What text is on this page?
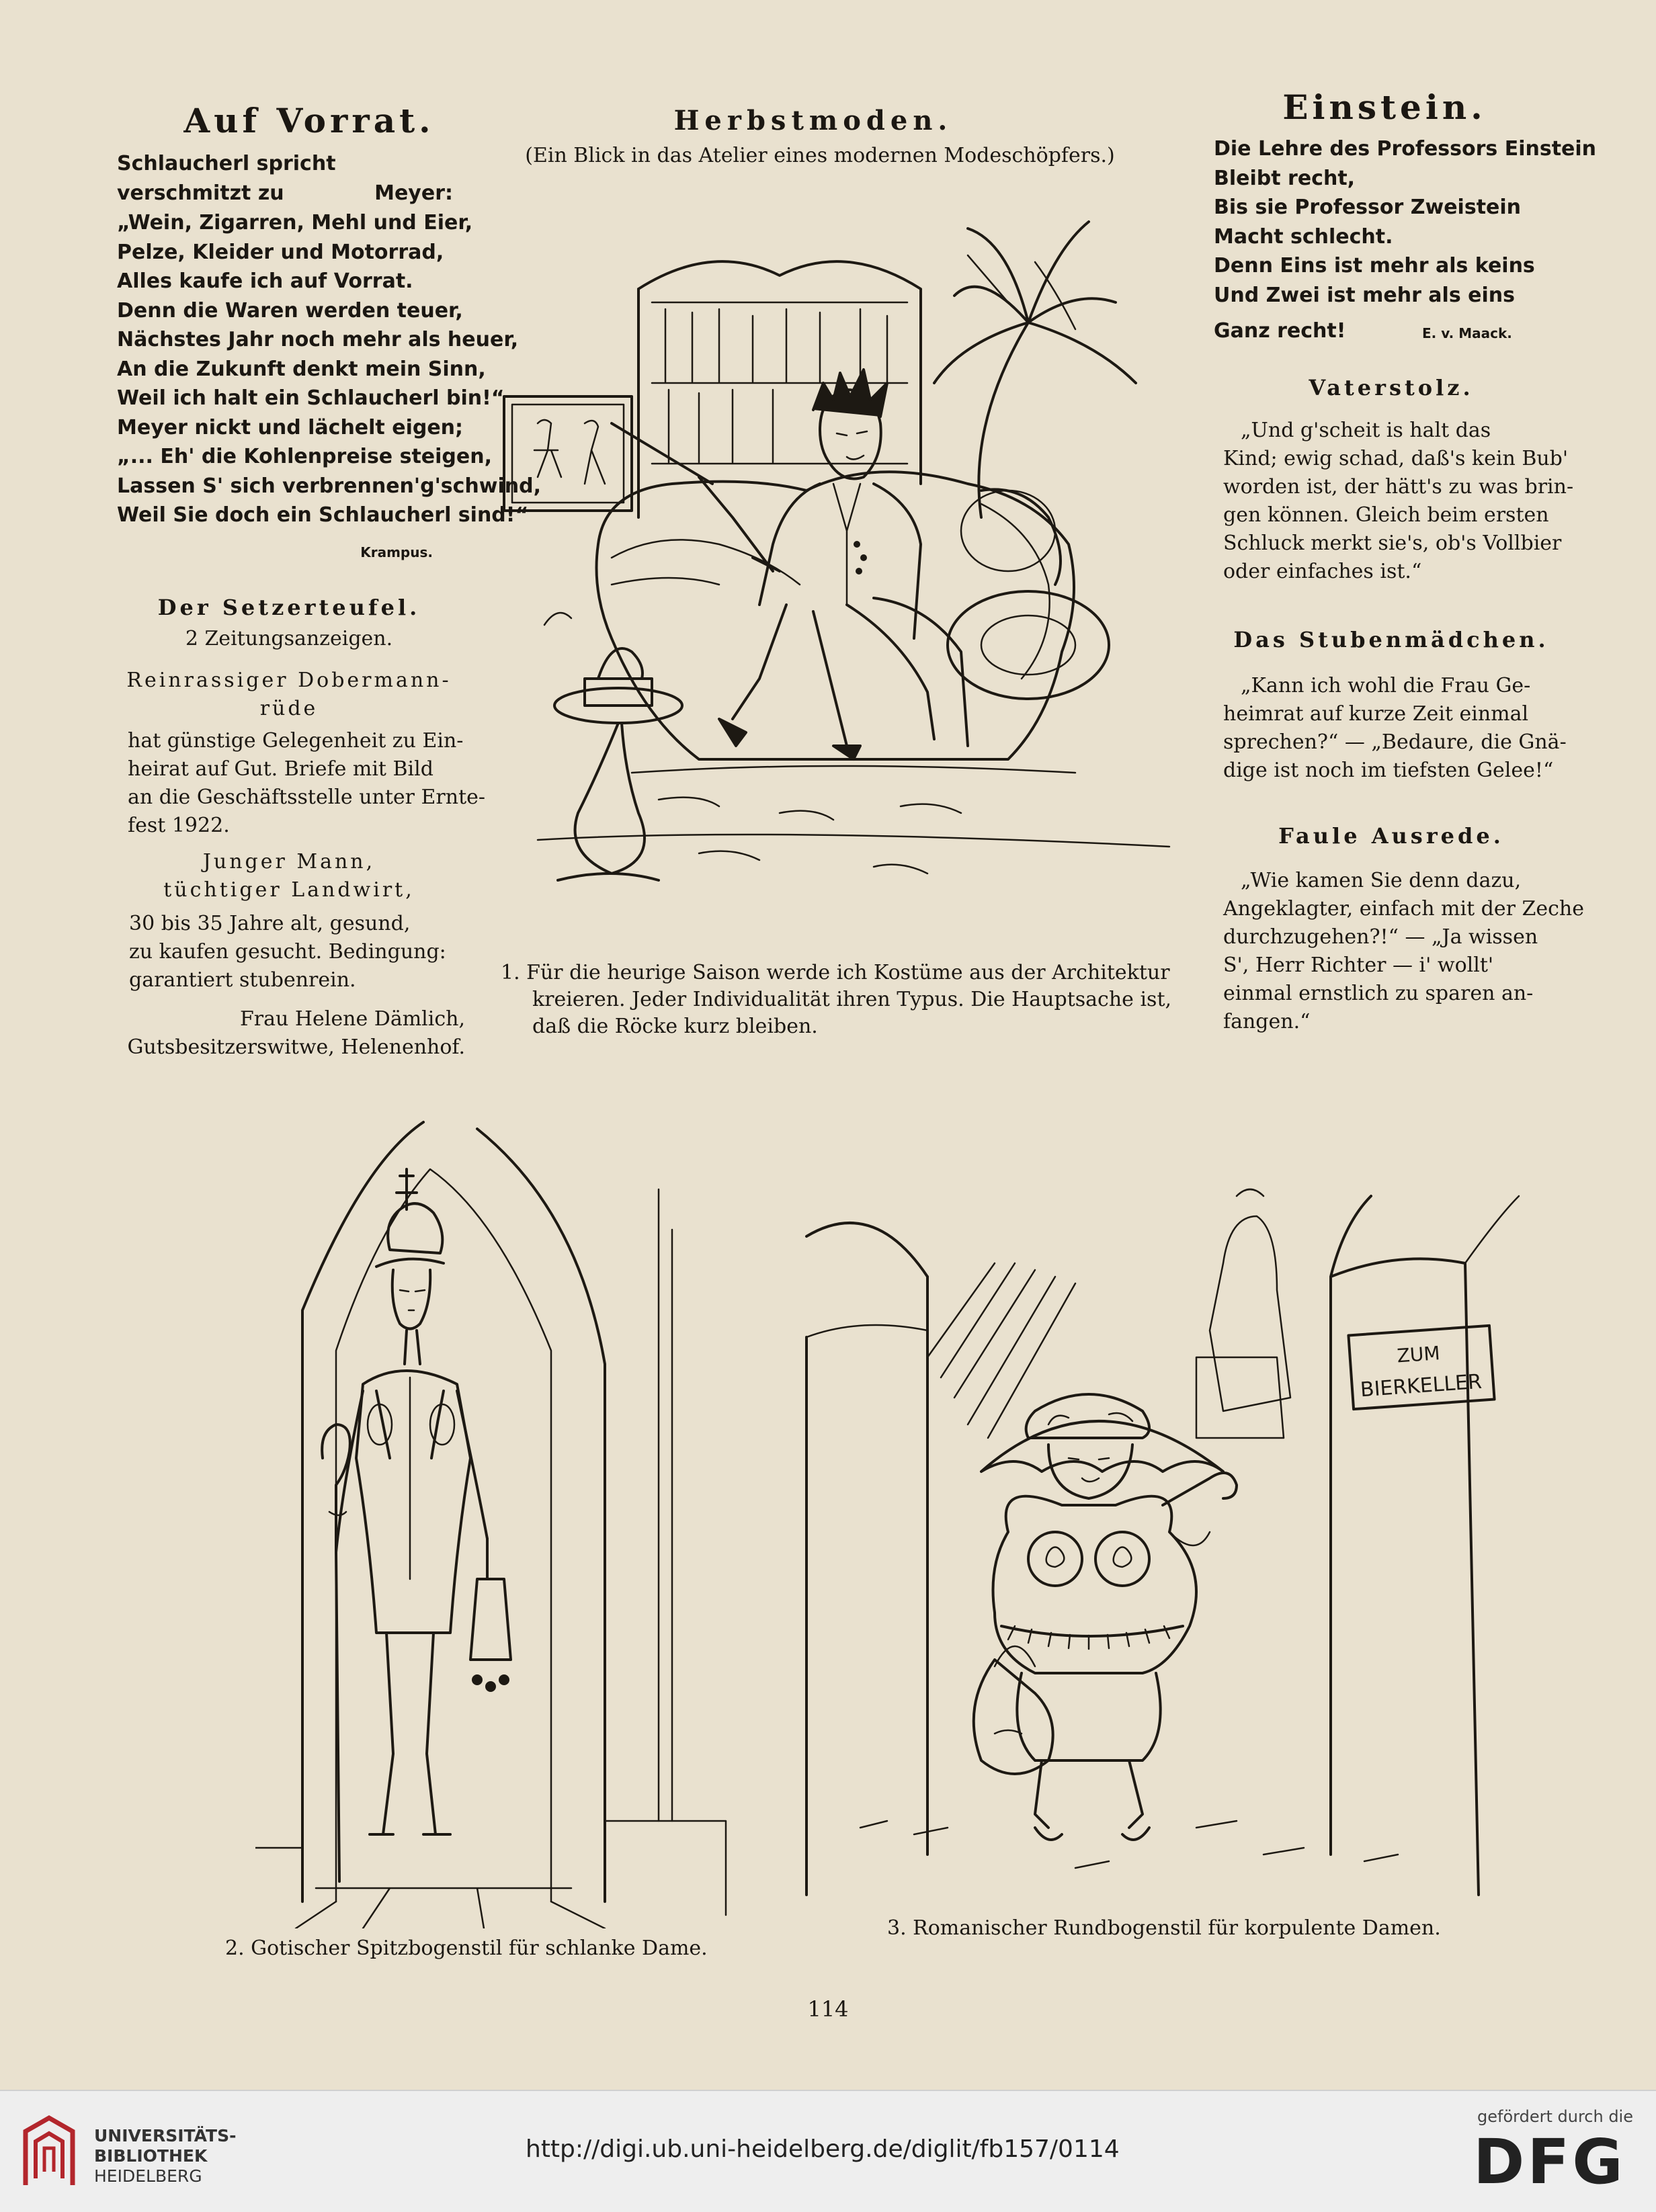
Auf Vorrat.
Schlaucherl spricht verschmitzt zu	Meyer:
„Wein, Zigarren, Mehl und Eier,
Pelze, Kleider und Motorrad,
Alles kaufe ich auf Vorrat.
Denn die Waren werden teuer,
Nächstes Jahr noch mehr als heuer,
An die Zukunft denkt mein Sinn,
Weil ich halt ein Schlaucherl bin!“
Meyer nickt und lächelt eigen;
„... Eh' die Kohlenpreise steigen,
Lassen S' sich verbrennen'g'schwind,
Weil Sie doch ein Schlaucherl sind!“
Krampus.
Der Setzerteufel.
2 Zeitungsanzeigen.
Reinrassiger Dobermann-
rüde
hat günstige Gelegenheit zu Ein-
heirat auf Gut. Briefe mit Bild
an die Geschäftsstelle unter Ernte-
fest 1922.
Junger Mann,
tüchtiger Landwirt,
30 bis 35 Jahre alt, gesund,
zu kaufen gesucht. Bedingung:
garantiert stubenrein.
Frau Helene Dämlich,
Gutsbesitzerswitwe, Helenenhof.
Herbstmoden.
(Ein Blick in das Atelier eines modernen Modeschöpfers.)
1. Für die heurige Saison werde ich Kostüme aus der Architektur
kreieren. Jeder Individualität ihren Typus. Die Hauptsache ist,
daß die Röcke kurz bleiben.
Einstein.
Die Lehre des Professors Einstein
Bleibt recht,
Bis sie Professor Zweistein
Macht schlecht.
Denn Eins ist mehr als keins
Und Zwei ist mehr als eins
Ganz recht!	E. v. Maack.
Vaterstolz.
„Und g'scheit is halt das
Kind; ewig schad, daß's kein Bub'
worden ist, der hätt's zu was brin-
gen können. Gleich beim ersten
Schluck merkt sie's, ob's Vollbier
oder einfaches ist.“
Das Stubenmädchen.
„Kann ich wohl die Frau Ge-
heimrat auf kurze Zeit einmal
sprechen?“ — „Bedaure, die Gnä-
dige ist noch im tiefsten Gelee!“
Faule Ausrede.
„Wie kamen Sie denn dazu,
Angeklagter, einfach mit der Zeche
durchzugehen?!“ — „Ja wissen
S', Herr Richter — i' wollt'
einmal ernstlich zu sparen an-
fangen.“
2. Gotischer Spitzbogenstil für schlanke Dame.
ZUM
BIERKELLER
3. Romanischer Rundbogenstil für korpulente Damen.
114
UNIVERSITÄTS-
BIBLIOTHEK
HEIDELBERG
http://digi.ub.uni-heidelberg.de/diglit/fb157/0114
gefördert durch die
DFG
